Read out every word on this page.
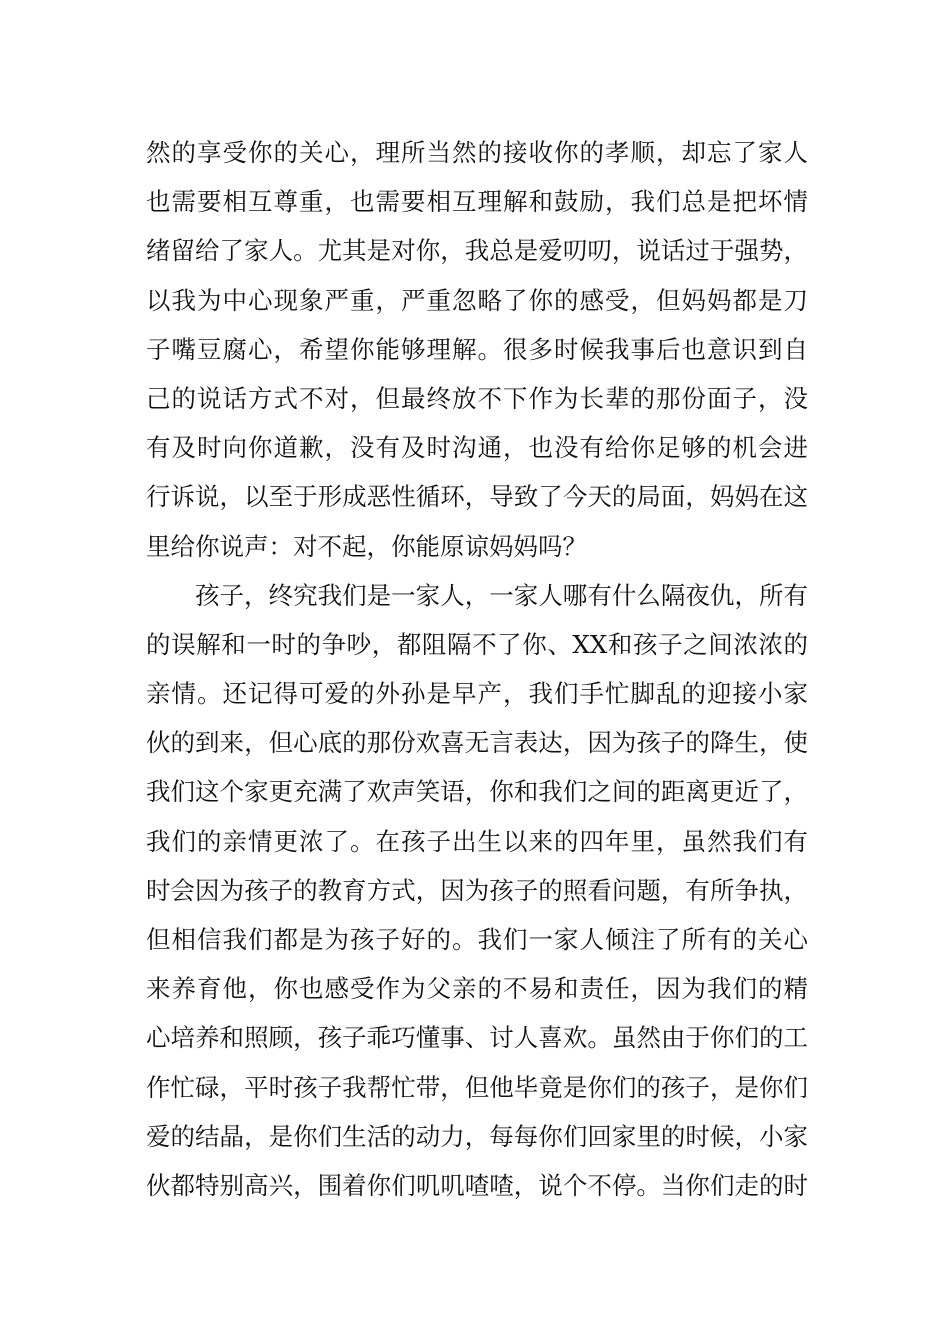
然的享受你的关心，理所当然的接收你的孝顺，却忘了家人
也需要相互尊重，也需要相互理解和鼓励，我们总是把坏情
绪留给了家人。尤其是对你，我总是爱叨叨，说话过于强势，
以我为中心现象严重，严重忽略了你的感受，但妈妈都是刀
子嘴豆腐心，希望你能够理解。很多时候我事后也意识到自
己的说话方式不对，但最终放不下作为长辈的那份面子，没
有及时向你道歉，没有及时沟通，也没有给你足够的机会进
行诉说，以至于形成恶性循环，导致了今天的局面，妈妈在这
里给你说声：对不起，你能原谅妈妈吗？
孩子，终究我们是一家人，一家人哪有什么隔夜仇，所有
的误解和一时的争吵，都阻隔不了你、XX和孩子之间浓浓的
亲情。还记得可爱的外孙是早产，我们手忙脚乱的迎接小家
伙的到来，但心底的那份欢喜无言表达，因为孩子的降生，使
我们这个家更充满了欢声笑语，你和我们之间的距离更近了，
我们的亲情更浓了。在孩子出生以来的四年里，虽然我们有
时会因为孩子的教育方式，因为孩子的照看问题，有所争执，
但相信我们都是为孩子好的。我们一家人倾注了所有的关心
来养育他，你也感受作为父亲的不易和责任，因为我们的精
心培养和照顾，孩子乖巧懂事、讨人喜欢。虽然由于你们的工
作忙碌，平时孩子我帮忙带，但他毕竟是你们的孩子，是你们
爱的结晶，是你们生活的动力，每每你们回家里的时候，小家
伙都特别高兴，围着你们叽叽喳喳，说个不停。当你们走的时
